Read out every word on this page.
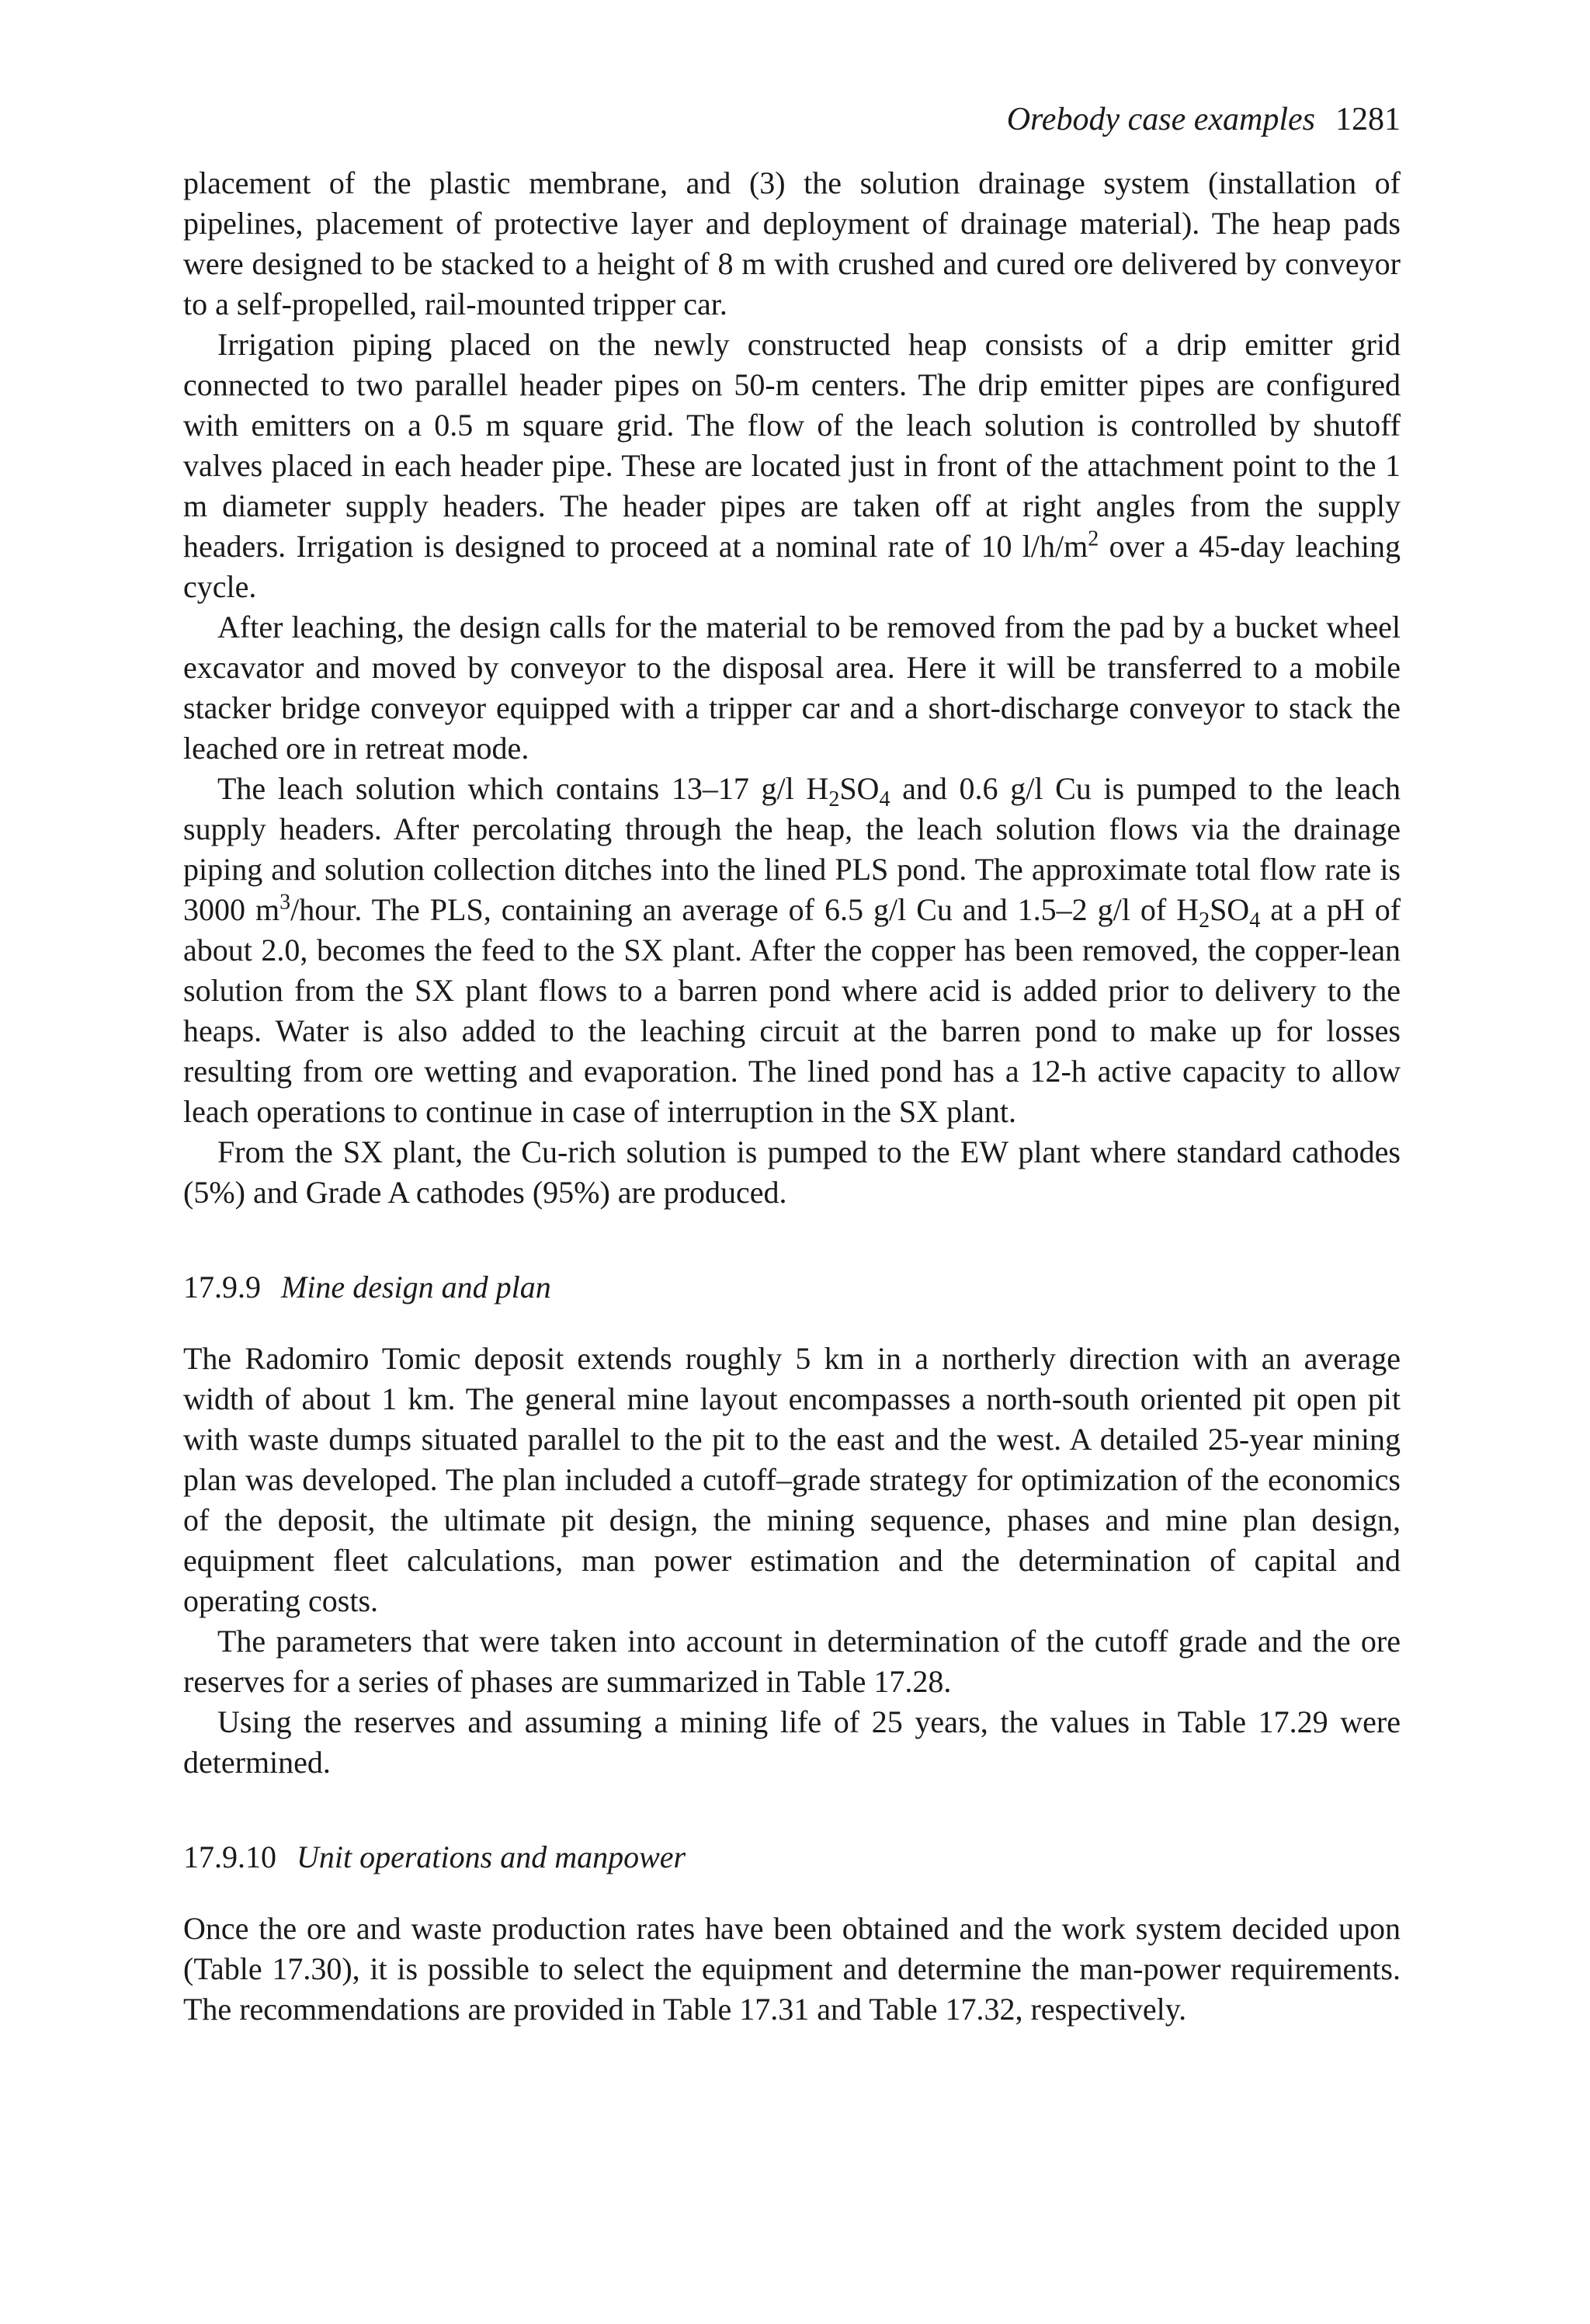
Orebody case examples 1281

placement of the plastic membrane, and (3) the solution drainage system (installation of pipelines, placement of protective layer and deployment of drainage material). The heap pads were designed to be stacked to a height of 8 m with crushed and cured ore delivered by conveyor to a self-propelled, rail-mounted tripper car.

Irrigation piping placed on the newly constructed heap consists of a drip emitter grid connected to two parallel header pipes on 50-m centers. The drip emitter pipes are configured with emitters on a 0.5 m square grid. The flow of the leach solution is controlled by shutoff valves placed in each header pipe. These are located just in front of the attachment point to the 1 m diameter supply headers. The header pipes are taken off at right angles from the supply headers. Irrigation is designed to proceed at a nominal rate of 10 $l/h/m^2$ over a 45-day leaching cycle.

After leaching, the design calls for the material to be removed from the pad by a bucket wheel excavator and moved by conveyor to the disposal area. Here it will be transferred to a mobile stacker bridge conveyor equipped with a tripper car and a short-discharge conveyor to stack the leached ore in retreat mode.

The leach solution which contains 13–17 g/l $H_2SO_4$ and 0.6 g/l Cu is pumped to the leach supply headers. After percolating through the heap, the leach solution flows via the drainage piping and solution collection ditches into the lined PLS pond. The approximate total flow rate is 3000 $m^3$/hour. The PLS, containing an average of 6.5 g/l Cu and 1.5–2 g/l of $H_2SO_4$ at a pH of about 2.0, becomes the feed to the SX plant. After the copper has been removed, the copper-lean solution from the SX plant flows to a barren pond where acid is added prior to delivery to the heaps. Water is also added to the leaching circuit at the barren pond to make up for losses resulting from ore wetting and evaporation. The lined pond has a 12-h active capacity to allow leach operations to continue in case of interruption in the SX plant.

From the SX plant, the Cu-rich solution is pumped to the EW plant where standard cathodes (5%) and Grade A cathodes (95%) are produced.

17.9.9 Mine design and plan

The Radomiro Tomic deposit extends roughly 5 km in a northerly direction with an average width of about 1 km. The general mine layout encompasses a north-south oriented pit open pit with waste dumps situated parallel to the pit to the east and the west. A detailed 25-year mining plan was developed. The plan included a cutoff–grade strategy for optimization of the economics of the deposit, the ultimate pit design, the mining sequence, phases and mine plan design, equipment fleet calculations, man power estimation and the determination of capital and operating costs.

The parameters that were taken into account in determination of the cutoff grade and the ore reserves for a series of phases are summarized in Table 17.28.

Using the reserves and assuming a mining life of 25 years, the values in Table 17.29 were determined.

17.9.10 Unit operations and manpower

Once the ore and waste production rates have been obtained and the work system decided upon (Table 17.30), it is possible to select the equipment and determine the man-power requirements. The recommendations are provided in Table 17.31 and Table 17.32, respectively.
